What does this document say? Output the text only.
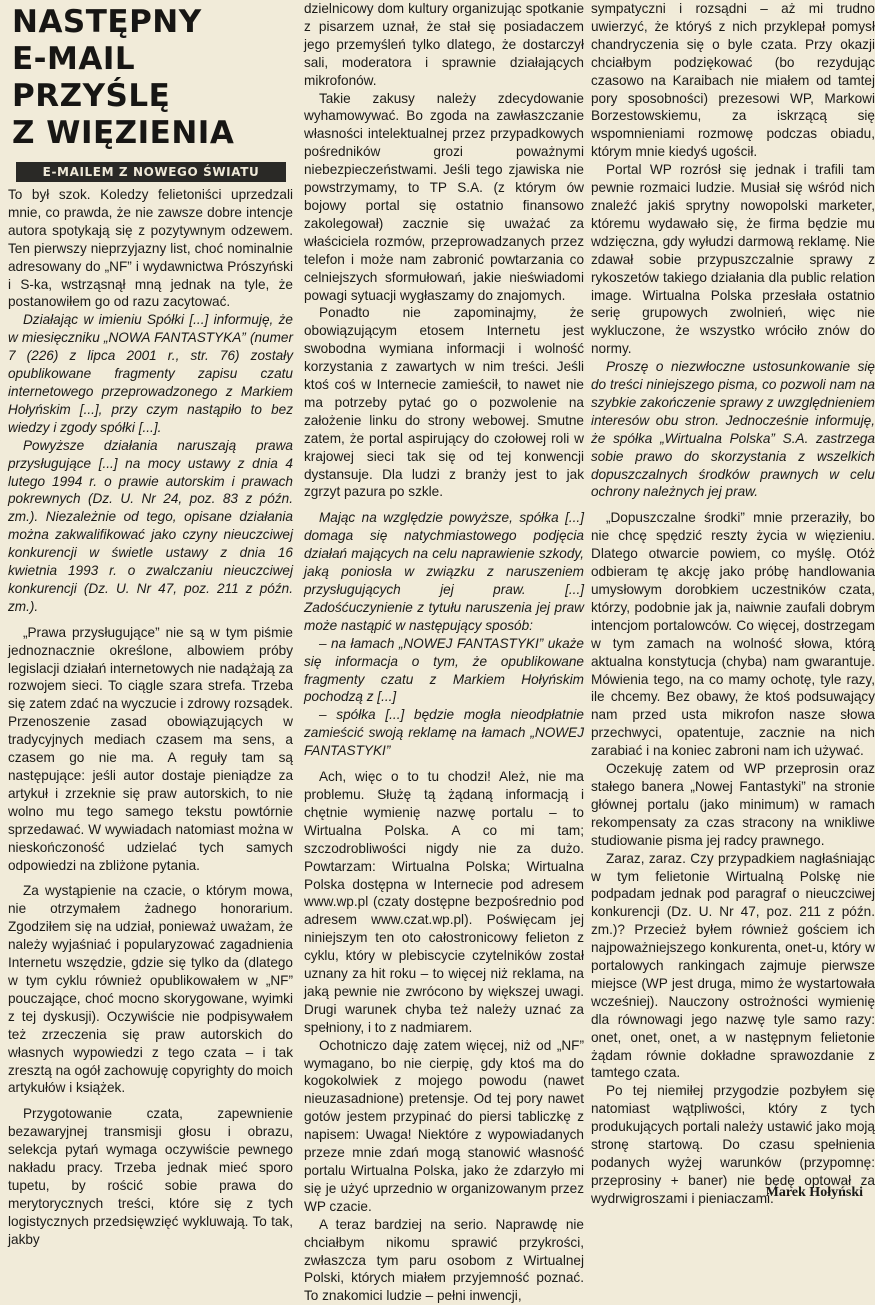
NASTĘPNY
E-MAIL
PRZYŚLĘ
Z WIĘZIENIA
E-MAILEM Z NOWEGO ŚWIATU

To był szok. Koledzy felietoniści uprzedzali mnie, co prawda, że nie zawsze dobre intencje autora spotykają się z pozytywnym odzewem. Ten pierwszy nieprzyjazny list, choć nominalnie adresowany do „NF” i wydawnictwa Prószyński i S-ka, wstrząsnął mną jednak na tyle, że postanowiłem go od razu zacytować.

Działając w imieniu Spółki [...] informuję, że w miesięczniku „NOWA FANTASTYKA” (numer 7 (226) z lipca 2001 r., str. 76) zostały opublikowane fragmenty zapisu czatu internetowego przeprowadzonego z Markiem Hołyńskim [...], przy czym nastąpiło to bez wiedzy i zgody spółki [...].

Powyższe działania naruszają prawa przysługujące [...] na mocy ustawy z dnia 4 lutego 1994 r. o prawie autorskim i prawach pokrewnych (Dz. U. Nr 24, poz. 83 z późn. zm.). Niezależnie od tego, opisane działania można zakwalifikować jako czyny nieuczciwej konkurencji w świetle ustawy z dnia 16 kwietnia 1993 r. o zwalczaniu nieuczciwej konkurencji (Dz. U. Nr 47, poz. 211 z późn. zm.).

„Prawa przysługujące” nie są w tym piśmie jednoznacznie określone, albowiem próby legislacji działań internetowych nie nadążają za rozwojem sieci. To ciągle szara strefa. Trzeba się zatem zdać na wyczucie i zdrowy rozsądek. Przenoszenie zasad obowiązujących w tradycyjnych mediach czasem ma sens, a czasem go nie ma. A reguły tam są następujące: jeśli autor dostaje pieniądze za artykuł i zrzeknie się praw autorskich, to nie wolno mu tego samego tekstu powtórnie sprzedawać. W wywiadach natomiast można w nieskończoność udzielać tych samych odpowiedzi na zbliżone pytania.

Za wystąpienie na czacie, o którym mowa, nie otrzymałem żadnego honorarium. Zgodziłem się na udział, ponieważ uważam, że należy wyjaśniać i popularyzować zagadnienia Internetu wszędzie, gdzie się tylko da (dlatego w tym cyklu również opublikowałem w „NF” pouczające, choć mocno skorygowane, wyimki z tej dyskusji). Oczywiście nie podpisywałem też zrzeczenia się praw autorskich do własnych wypowiedzi z tego czata – i tak zresztą na ogół zachowuję copyrighty do moich artykułów i książek.

Przygotowanie czata, zapewnienie bezawaryjnej transmisji głosu i obrazu, selekcja pytań wymaga oczywiście pewnego nakładu pracy. Trzeba jednak mieć sporo tupetu, by rościć sobie prawa do merytorycznych treści, które się z tych logistycznych przedsięwzięć wykluwają. To tak, jakby

dzielnicowy dom kultury organizując spotkanie z pisarzem uznał, że stał się posiadaczem jego przemyśleń tylko dlatego, że dostarczył sali, moderatora i sprawnie działających mikrofonów.

Takie zakusy należy zdecydowanie wyhamowywać. Bo zgoda na zawłaszczanie własności intelektualnej przez przypadkowych pośredników grozi poważnymi niebezpieczeństwami. Jeśli tego zjawiska nie powstrzymamy, to TP S.A. (z którym ów bojowy portal się ostatnio finansowo zakolegował) zacznie się uważać za właściciela rozmów, przeprowadzanych przez telefon i może nam zabronić powtarzania co celniejszych sformułowań, jakie nieświadomi powagi sytuacji wygłaszamy do znajomych.

Ponadto nie zapominajmy, że obowiązującym etosem Internetu jest swobodna wymiana informacji i wolność korzystania z zawartych w nim treści. Jeśli ktoś coś w Internecie zamieścił, to nawet nie ma potrzeby pytać go o pozwolenie na założenie linku do strony webowej. Smutne zatem, że portal aspirujący do czołowej roli w krajowej sieci tak się od tej konwencji dystansuje. Dla ludzi z branży jest to jak zgrzyt pazura po szkle.

Mając na względzie powyższe, spółka [...] domaga się natychmiastowego podjęcia działań mających na celu naprawienie szkody, jaką poniosła w związku z naruszeniem przysługujących jej praw. [...] Zadośćuczynienie z tytułu naruszenia jej praw może nastąpić w następujący sposób:

– na łamach „NOWEJ FANTASTYKI” ukaże się informacja o tym, że opublikowane fragmenty czatu z Markiem Hołyńskim pochodzą z [...]

– spółka [...] będzie mogła nieodpłatnie zamieścić swoją reklamę na łamach „NOWEJ FANTASTYKI”

Ach, więc o to tu chodzi! Ależ, nie ma problemu. Służę tą żądaną informacją i chętnie wymienię nazwę portalu – to Wirtualna Polska. A co mi tam; szczodrobliwości nigdy nie za dużo. Powtarzam: Wirtualna Polska; Wirtualna Polska dostępna w Internecie pod adresem www.wp.pl (czaty dostępne bezpośrednio pod adresem www.czat.wp.pl). Poświęcam jej niniejszym ten oto całostronicowy felieton z cyklu, który w plebiscycie czytelników został uznany za hit roku – to więcej niż reklama, na jaką pewnie nie zwrócono by większej uwagi. Drugi warunek chyba też należy uznać za spełniony, i to z nadmiarem.

Ochotniczo daję zatem więcej, niż od „NF” wymagano, bo nie cierpię, gdy ktoś ma do kogokolwiek z mojego powodu (nawet nieuzasadnione) pretensje. Od tej pory nawet gotów jestem przypinać do piersi tabliczkę z napisem: Uwaga! Niektóre z wypowiadanych przeze mnie zdań mogą stanowić własność portalu Wirtualna Polska, jako że zdarzyło mi się je użyć uprzednio w organizowanym przez WP czacie.

A teraz bardziej na serio. Naprawdę nie chciałbym nikomu sprawić przykrości, zwłaszcza tym paru osobom z Wirtualnej Polski, których miałem przyjemność poznać. To znakomici ludzie – pełni inwencji,

sympatyczni i rozsądni – aż mi trudno uwierzyć, że któryś z nich przyklepał pomysł chandryczenia się o byle czata. Przy okazji chciałbym podziękować (bo rezydując czasowo na Karaibach nie miałem od tamtej pory sposobności) prezesowi WP, Markowi Borzestowskiemu, za iskrzącą się wspomnieniami rozmowę podczas obiadu, którym mnie kiedyś ugościł.

Portal WP rozrósł się jednak i trafili tam pewnie rozmaici ludzie. Musiał się wśród nich znaleźć jakiś sprytny nowopolski marketer, któremu wydawało się, że firma będzie mu wdzięczna, gdy wyłudzi darmową reklamę. Nie zdawał sobie przypuszczalnie sprawy z rykoszetów takiego działania dla public relation image. Wirtualna Polska przesłała ostatnio serię grupowych zwolnień, więc nie wykluczone, że wszystko wróciło znów do normy.

Proszę o niezwłoczne ustosunkowanie się do treści niniejszego pisma, co pozwoli nam na szybkie zakończenie sprawy z uwzględnieniem interesów obu stron. Jednocześnie informuję, że spółka „Wirtualna Polska” S.A. zastrzega sobie prawo do skorzystania z wszelkich dopuszczalnych środków prawnych w celu ochrony należnych jej praw.

„Dopuszczalne środki” mnie przeraziły, bo nie chcę spędzić reszty życia w więzieniu. Dlatego otwarcie powiem, co myślę. Otóż odbieram tę akcję jako próbę handlowania umysłowym dorobkiem uczestników czata, którzy, podobnie jak ja, naiwnie zaufali dobrym intencjom portalowców. Co więcej, dostrzegam w tym zamach na wolność słowa, którą aktualna konstytucja (chyba) nam gwarantuje. Mówienia tego, na co mamy ochotę, tyle razy, ile chcemy. Bez obawy, że ktoś podsuwający nam przed usta mikrofon nasze słowa przechwyci, opatentuje, zacznie na nich zarabiać i na koniec zabroni nam ich używać.

Oczekuję zatem od WP przeprosin oraz stałego banera „Nowej Fantastyki” na stronie głównej portalu (jako minimum) w ramach rekompensaty za czas stracony na wnikliwe studiowanie pisma jej radcy prawnego.

Zaraz, zaraz. Czy przypadkiem nagłaśniając w tym felietonie Wirtualną Polskę nie podpadam jednak pod paragraf o nieuczciwej konkurencji (Dz. U. Nr 47, poz. 211 z późn. zm.)? Przecież byłem również gościem ich najpoważniejszego konkurenta, onet-u, który w portalowych rankingach zajmuje pierwsze miejsce (WP jest druga, mimo że wystartowała wcześniej). Nauczony ostrożności wymienię dla równowagi jego nazwę tyle samo razy: onet, onet, onet, a w następnym felietonie żądam równie dokładne sprawozdanie z tamtego czata.

Po tej niemiłej przygodzie pozbyłem się natomiast wątpliwości, który z tych produkujących portali należy ustawić jako moją stronę startową. Do czasu spełnienia podanych wyżej warunków (przypomnę: przeprosiny + baner) nie będę optował za wydrwigroszami i pieniaczami.

Marek Hołyński
